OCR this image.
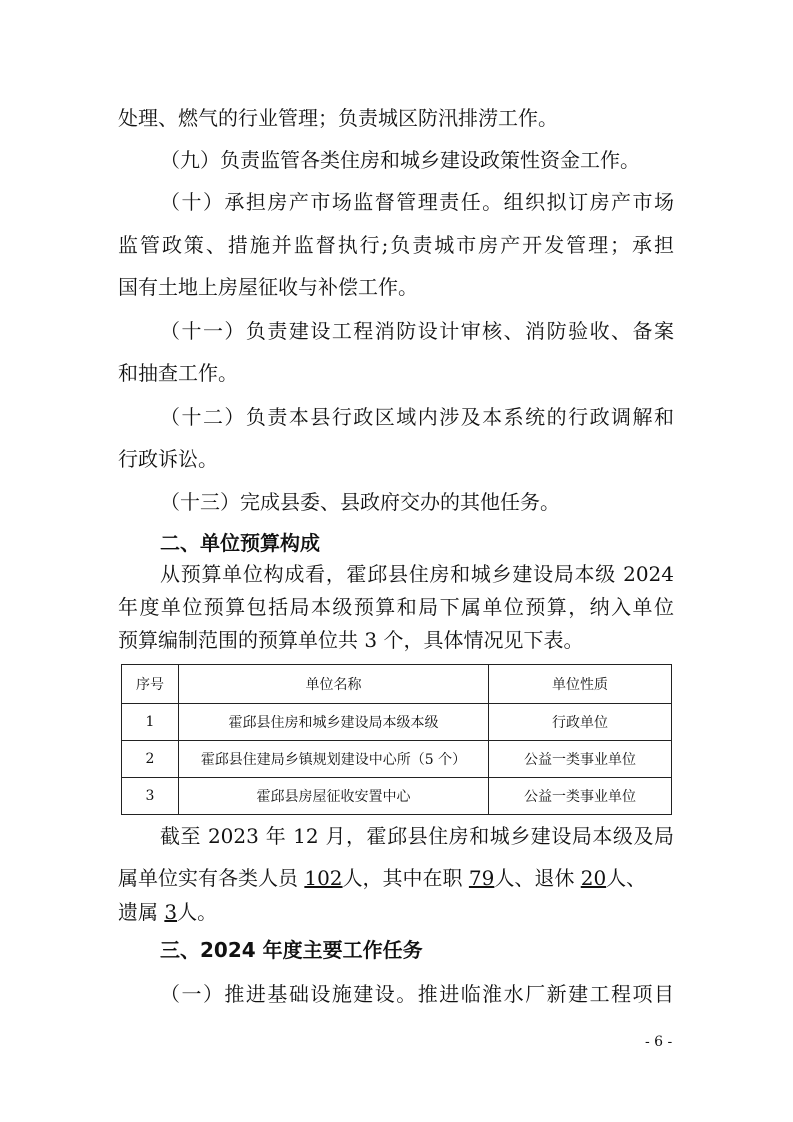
处理、燃气的行业管理；负责城区防汛排涝工作。
（九）负责监管各类住房和城乡建设政策性资金工作。
（十）承担房产市场监督管理责任。组织拟订房产市场
监管政策、措施并监督执行;负责城市房产开发管理；承担
国有土地上房屋征收与补偿工作。
（十一）负责建设工程消防设计审核、消防验收、备案
和抽查工作。
（十二）负责本县行政区域内涉及本系统的行政调解和
行政诉讼。
（十三）完成县委、县政府交办的其他任务。
二、单位预算构成
从预算单位构成看，霍邱县住房和城乡建设局本级 2024
年度单位预算包括局本级预算和局下属单位预算，纳入单位
预算编制范围的预算单位共 3 个，具体情况见下表。
序号	单位名称	单位性质
1	霍邱县住房和城乡建设局本级本级	行政单位
2	霍邱县住建局乡镇规划建设中心所（5 个）	公益一类事业单位
3	霍邱县房屋征收安置中心	公益一类事业单位
截至 2023 年 12 月，霍邱县住房和城乡建设局本级及局
属单位实有各类人员 102人，其中在职 79人、退休 20人、
遗属 3人。
三、2024 年度主要工作任务
（一）推进基础设施建设。推进临淮水厂新建工程项目
- 6 -
